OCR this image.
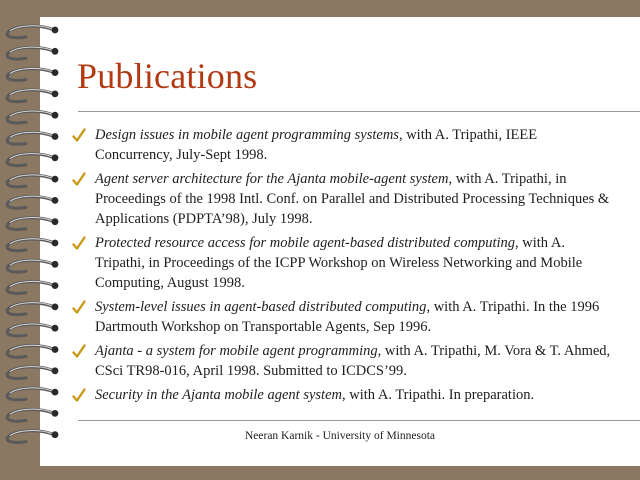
Publications
Design issues in mobile agent programming systems, with A. Tripathi, IEEE Concurrency, July-Sept 1998.
Agent server architecture for the Ajanta mobile-agent system, with A. Tripathi, in Proceedings of the 1998 Intl. Conf. on Parallel and Distributed Processing Techniques & Applications (PDPTA’98), July 1998.
Protected resource access for mobile agent-based distributed computing, with A. Tripathi, in Proceedings of the ICPP Workshop on Wireless Networking and Mobile Computing, August 1998.
System-level issues in agent-based distributed computing, with A. Tripathi. In the 1996 Dartmouth Workshop on Transportable Agents, Sep 1996.
Ajanta - a system for mobile agent programming, with A. Tripathi, M. Vora & T. Ahmed, CSci TR98-016, April 1998. Submitted to ICDCS’99.
Security in the Ajanta mobile agent system, with A. Tripathi. In preparation.
Neeran Karnik - University of Minnesota
